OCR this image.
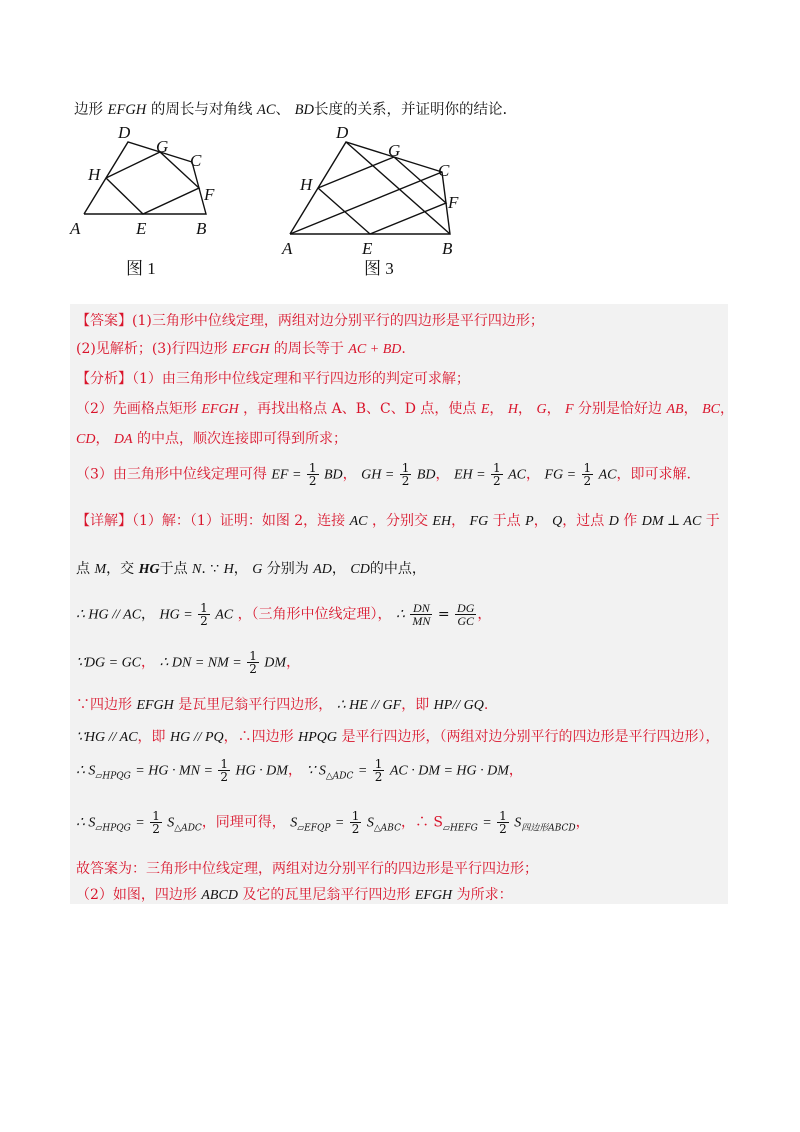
边形 EFGH 的周长与对角线 AC、 BD长度的关系，并证明你的结论.
A	E	B
D
G
C
H
F
图 1
A	E	B
D
G
C
H
F
图 3
【答案】(1)三角形中位线定理，两组对边分别平行的四边形是平行四边形；
(2)见解析；(3)行四边形 EFGH 的周长等于 AC + BD.
【分析】（1）由三角形中位线定理和平行四边形的判定可求解；
（2）先画格点矩形 EFGH ，再找出格点 A、B、C、D 点，使点 E， H， G， F 分别是恰好边 AB， BC，
CD， DA 的中点，顺次连接即可得到所求；
（3）由三角形中位线定理可得 EF = $\frac{1}{2}$ BD， GH = $\frac{1}{2}$ BD， EH = $\frac{1}{2}$ AC， FG = $\frac{1}{2}$ AC，即可求解.
【详解】（1）解：（1）证明：如图 2，连接 AC ，分别交 EH， FG 于点 P， Q，过点 D 作 DM ⊥ AC 于
点 M，交 HG于点 N. ∵ H， G 分别为 AD， CD的中点，
∴ HG // AC， HG = $\frac{1}{2}$ AC ，（三角形中位线定理）， ∴ $\frac{DN}{MN} = \frac{DG}{GC}$ ，
∵DG = GC， ∴ DN = NM = $\frac{1}{2}$ DM，
∵四边形 EFGH 是瓦里尼翁平行四边形， ∴ HE // GF，即 HP// GQ.
∵HG // AC，即 HG // PQ，∴四边形 HPQG 是平行四边形，（两组对边分别平行的四边形是平行四边形），
∴ $S_{▱HPQG}$ = HG · MN = $\frac{1}{2}$ HG · DM， ∵ $S_{\triangle ADC} = \frac{1}{2}$ AC · DM = HG · DM，
∴ $S_{▱HPQG} = \frac{1}{2} S_{\triangle ADC}$，同理可得， $S_{▱EFQP} = \frac{1}{2} S_{\triangle ABC}$，∴ $S_{▱HEFG} = \frac{1}{2} S_{四边形ABCD}$，
故答案为：三角形中位线定理，两组对边分别平行的四边形是平行四边形；
（2）如图，四边形 ABCD 及它的瓦里尼翁平行四边形 EFGH 为所求：
